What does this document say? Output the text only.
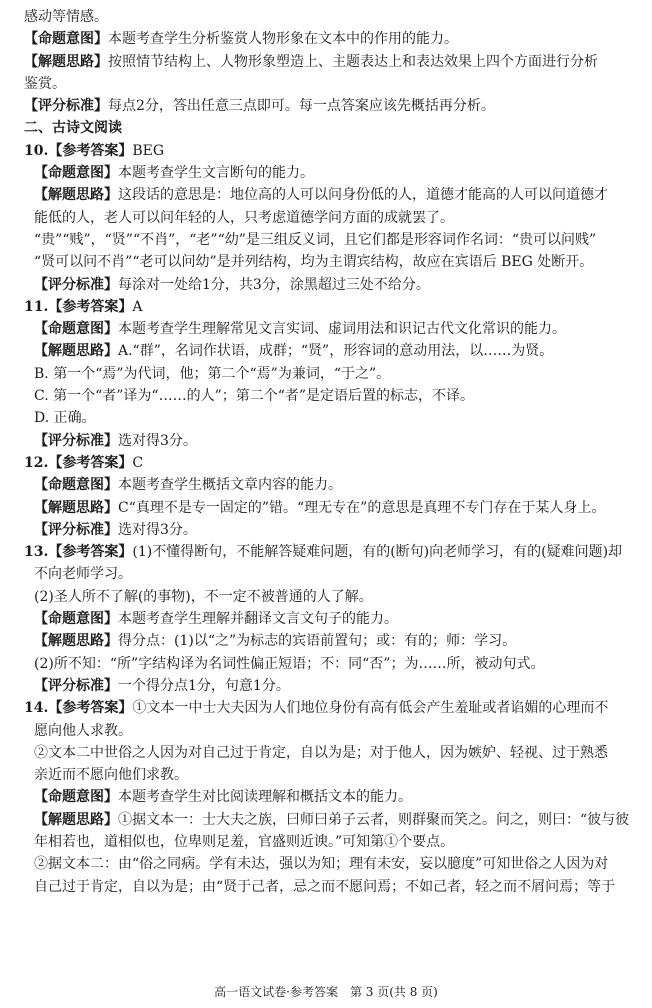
感动等情感。
【命题意图】本题考查学生分析鉴赏人物形象在文本中的作用的能力。
【解题思路】按照情节结构上、人物形象塑造上、主题表达上和表达效果上四个方面进行分析
鉴赏。
【评分标准】每点2分，答出任意三点即可。每一点答案应该先概括再分析。
二、古诗文阅读
10.【参考答案】BEG
【命题意图】本题考查学生文言断句的能力。
【解题思路】这段话的意思是：地位高的人可以问身份低的人，道德才能高的人可以问道德才
能低的人，老人可以问年轻的人，只考虑道德学问方面的成就罢了。
“贵”“贱”，“贤”“不肖”，“老”“幼”是三组反义词，且它们都是形容词作名词：“贵可以问贱”
“贤可以问不肖”“老可以问幼”是并列结构，均为主谓宾结构，故应在宾语后 BEG 处断开。
【评分标准】每涂对一处给1分，共3分，涂黑超过三处不给分。
11.【参考答案】A
【命题意图】本题考查学生理解常见文言实词、虚词用法和识记古代文化常识的能力。
【解题思路】A.“群”，名词作状语，成群；“贤”，形容词的意动用法，以……为贤。
B. 第一个“焉”为代词，他；第二个“焉”为兼词，“于之”。
C. 第一个“者”译为“……的人”；第二个“者”是定语后置的标志，不译。
D. 正确。
【评分标准】选对得3分。
12.【参考答案】C
【命题意图】本题考查学生概括文章内容的能力。
【解题思路】C“真理不是专一固定的”错。“理无专在”的意思是真理不专门存在于某人身上。
【评分标准】选对得3分。
13.【参考答案】(1)不懂得断句，不能解答疑难问题，有的(断句)向老师学习，有的(疑难问题)却
不向老师学习。
(2)圣人所不了解(的事物)，不一定不被普通的人了解。
【命题意图】本题考查学生理解并翻译文言文句子的能力。
【解题思路】得分点：(1)以“之”为标志的宾语前置句；或：有的；师：学习。
(2)所不知：“所”字结构译为名词性偏正短语；不：同“否”；为……所，被动句式。
【评分标准】一个得分点1分，句意1分。
14.【参考答案】①文本一中士大夫因为人们地位身份有高有低会产生羞耻或者谄媚的心理而不
愿向他人求教。
②文本二中世俗之人因为对自己过于肯定，自以为是；对于他人，因为嫉妒、轻视、过于熟悉
亲近而不愿向他们求教。
【命题意图】本题考查学生对比阅读理解和概括文本的能力。
【解题思路】①据文本一：士大夫之族，曰师曰弟子云者，则群聚而笑之。问之，则曰：“彼与彼
年相若也，道相似也，位卑则足羞，官盛则近谀。”可知第①个要点。
②据文本二：由“俗之同病。学有未达，强以为知；理有未安，妄以臆度”可知世俗之人因为对
自己过于肯定，自以为是；由“贤于己者，忌之而不愿问焉；不如己者，轻之而不屑问焉；等于
高一语文试卷·参考答案　第 3 页(共 8 页)
